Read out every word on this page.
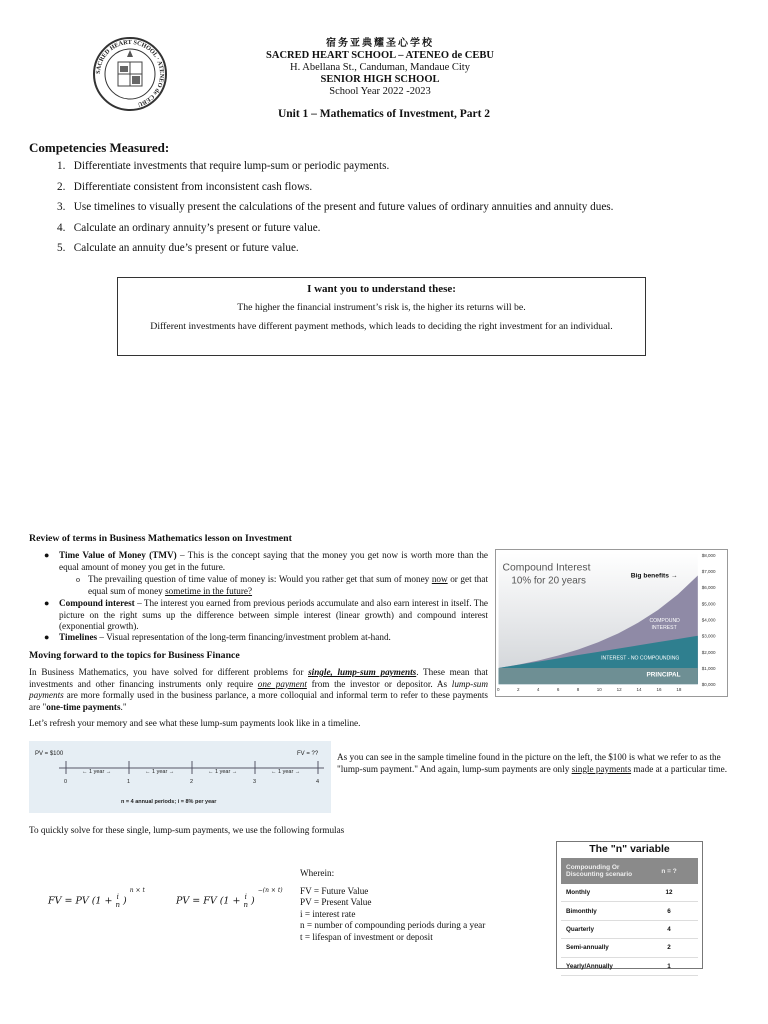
SACRED HEART SCHOOL · ATENEO de CEBU
宿务亚典耀圣心学校
SACRED HEART SCHOOL – ATENEO de CEBU
H. Abellana St., Canduman, Mandaue City
SENIOR HIGH SCHOOL
School Year 2022 -2023
Unit 1 – Mathematics of Investment, Part 2
Competencies Measured:
1. Differentiate investments that require lump-sum or periodic payments.
2. Differentiate consistent from inconsistent cash flows.
3. Use timelines to visually present the calculations of the present and future values of ordinary annuities and annuity dues.
4. Calculate an ordinary annuity’s present or future value.
5. Calculate an annuity due’s present or future value.
I want you to understand these:

The higher the financial instrument’s risk is, the higher its returns will be.

Different investments have different payment methods, which leads to deciding the right investment for an individual.

Review of terms in Business Mathematics lesson on Investment
● Time Value of Money (TMV) – This is the concept saying that the money you get now is worth more than the equal amount of money you get in the future.
o The prevailing question of time value of money is: Would you rather get that sum of money now or get that equal sum of money sometime in the future?
● Compound interest – The interest you earned from previous periods accumulate and also earn interest in itself. The picture on the right sums up the difference between simple interest (linear growth) and compound interest (exponential growth).
● Timelines – Visual representation of the long-term financing/investment problem at-hand.
Moving forward to the topics for Business Finance
In Business Mathematics, you have solved for different problems for single, lump-sum payments. These mean that investments and other financing instruments only require one payment from the investor or depositor. As lump-sum payments are more formally used in the business parlance, a more colloquial and informal term to refer to these payments are "one-time payments."
Let’s refresh your memory and see what these lump-sum payments look like in a timeline.
$0,000
$1,000
$2,000
$3,000
$4,000
$5,000
$6,000
$7,000
$8,000
0	2	4	6	8	10	12	14	16	18
Compound Interest
10% for 20 years	Big benefits →
COMPOUND
INTEREST
INTEREST - NO COMPOUNDING
PRINCIPAL
PV = $100	FV = ??
← 1 year →	← 1 year →	← 1 year →	← 1 year →
0	1	2	3	4
n = 4 annual periods; i = 8% per year
As you can see in the sample timeline found in the picture on the left, the $100 is what we refer to as the "lump-sum payment." And again, lump-sum payments are only single payments made at a particular time.
To quickly solve for these single, lump-sum payments, we use the following formulas
FV = PV (1 + i
n ) $^{n \times t}$
PV = FV (1 + i
n ) $^{-(n \times t)}$
Wherein:
FV = Future Value
PV = Present Value
i = interest rate
n = number of compounding periods during a year
t = lifespan of investment or deposit
The "n" variable
Compounding Or Discounting scenario	n = ?
Monthly	12
Bimonthly	6
Quarterly	4
Semi-annually	2
Yearly/Annually	1
